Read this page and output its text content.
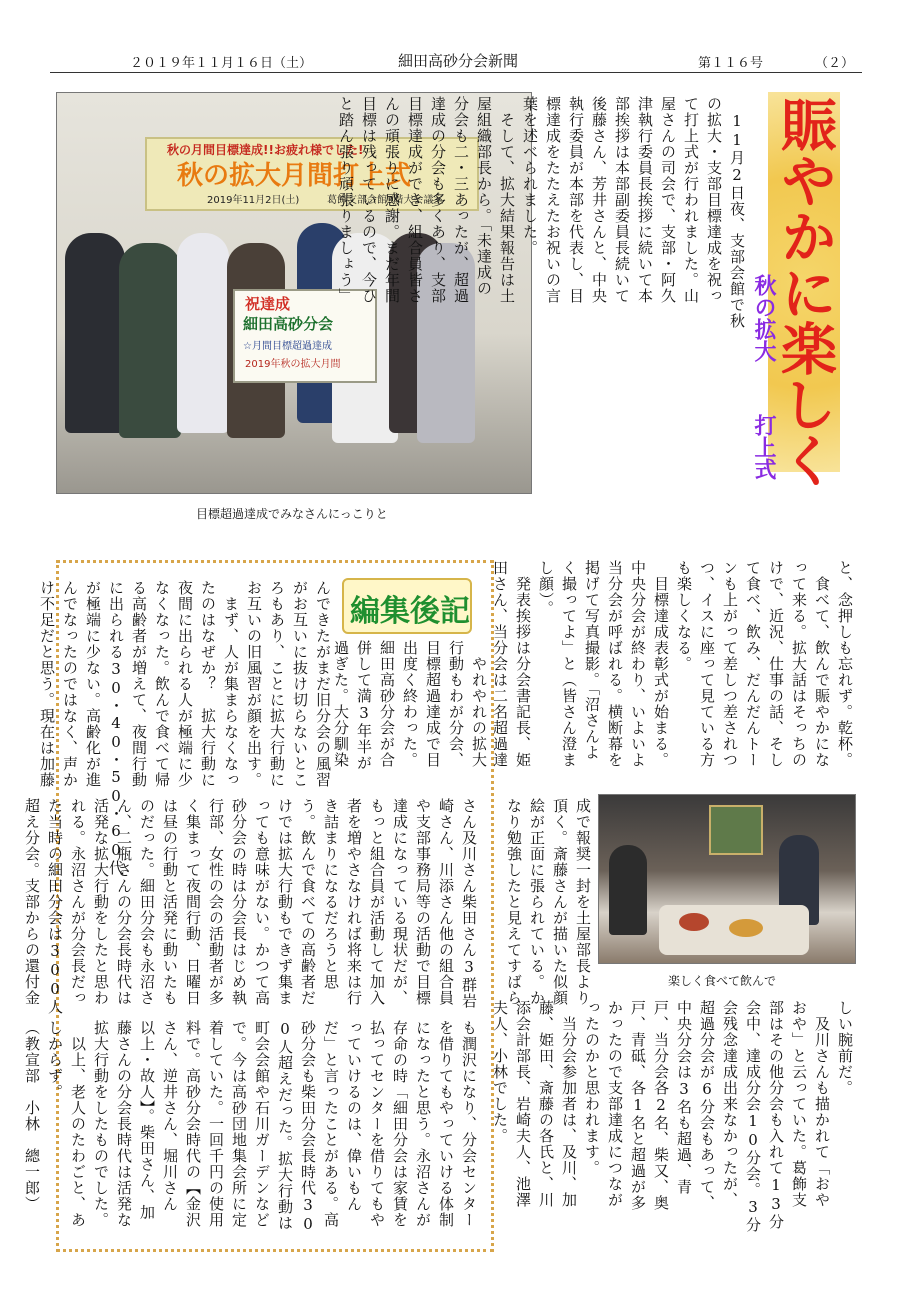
２０１９年１１月１６日（土）	細田高砂分会新聞	第１１６号	（２）
秋の月間目標達成!!お疲れ様でした!
秋の拡大月間打上式
2019年11月2日(土)	葛飾支部会館3階大会議室
祝達成
細田高砂分会
☆月間目標超過達成
2019年秋の拡大月間
目標超過達成でみなさんにっこりと
賑やかに楽しく
秋の拡大
打上式
　11月2日夜、支部会館で秋
の拡大・支部目標達成を祝っ
て打上式が行われました。山
屋さんの司会で、支部・阿久
津執行委員長挨拶に続いて本
部挨拶は本部副委員長続いて
後藤さん、芳井さんと、中央
執行委員が本部を代表し、目
標達成をたたえたお祝いの言
葉を述べられました。
　そして、拡大結果報告は土
屋組織部長から。「未達成の
分会も二・三あったが、超過
達成の分会も多くあり、支部
目標達成ができ、組合員皆さ
んの頑張りに感謝。まだ年間
目標は残っているので、今ひ
と踏ん張り頑張りましょう」
編集後記
　やれやれの拡大
行動もわが分会、
目標超過達成で目
出度く終わった。
細田高砂分会が合
併して満3年半が
過ぎた。大分馴染
んできたがまだ旧分会の風習
がお互いに抜け切らないとこ
ろもあり、ことに拡大行動に
お互いの旧風習が顔を出す。
　まず、人が集まらなくなっ
たのはなぜか？　拡大行動に
夜間に出られる人が極端に少
なくなった。飲んで食べて帰
る高齢者が増えて、夜間行動
に出られる30・40・50・60代
が極端に少ない。高齢化が進
んでなったのではなく、声か
け不足だと思う。現在は加藤
さん及川さん柴田さん3群岩
崎さん、川添さん他の組合員
や支部事務局等の活動で目標
達成になっている現状だが、
もっと組合員が活動して加入
者を増やさなければ将来は行
き詰まりになるだろうと思
う。飲んで食べての高齢者だ
けでは拡大行動もできず集ま
っても意味がない。かつて高
砂分会の時は分会長はじめ執
行部、女性の会の活動者が多
く集まって夜間行動、日曜日
は昼の行動と活発に動いたも
のだった。細田分会も永沼さ
ん、二瓶さんの分会長時代は
活発な拡大行動をしたと思わ
れる。永沼さんが分会長だっ
た当時の細田分会は300人
超え分会。支部からの還付金
も潤沢になり、分会センター
を借りてもやっていける体制
になったと思う。永沼さんが
存命の時「細田分会は家賃を
払ってセンターを借りてもや
っていけるのは、偉いもん
だ」と言ったことがある。高
砂分会も柴田分会長時代30
0人超えだった。拡大行動は
町会会館や石川ガーデンなど
で。今は高砂団地集会所に定
着していた。一回千円の使用
料で。高砂分会時代の【金沢
さん、逆井さん、堀川さん
以上・故人】。柴田さん、加
藤さんの分会長時代は活発な
拡大行動をしたものでした。
　以上、老人のたわごと、あ
しからず。
（教宣部　小林　總一郎）
と、念押しも忘れず。乾杯。
　食べて、飲んで賑やかにな
って来る。拡大話はそっちの
けで、近況、仕事の話、そし
て食べ、飲み、だんだんトー
ンも上がって差しつ差されつ
つ、イスに座って見ている方
も楽しくなる。
　目標達成表彰式が始まる。
中央分会が終わり、いよいよ
当分会が呼ばれる。横断幕を
掲げて写真撮影。「沼さんよ
く撮ってよ」と（皆さん澄ま
し顔）。
　発表挨拶は分会書記長、姫
田さん、当分会は二名超過達
成で報奨一封を土屋部長より
頂く。斎藤さんが描いた似顔
絵が正面に張られている。か
なり勉強したと見えてすばら	楽しく食べて飲んで
しい腕前だ。
　及川さんも描かれて「おや
おや」と云っていた。葛飾支
部はその他分会も入れて13分
会中、達成分会10分会。3分
会残念達成出来なかったが、
超過分会が6分会もあって、
中央分会は3名も超過、青
戸、当分会各2名、柴又、奥
戸、青砥、各1名と超過が多
かったので支部達成につなが
ったのかと思われます。
　当分会参加者は、及川、加
藤、姫田、斎藤の各氏と、川
添会計部長、岩崎夫人、池澤
夫人、小林でした。
